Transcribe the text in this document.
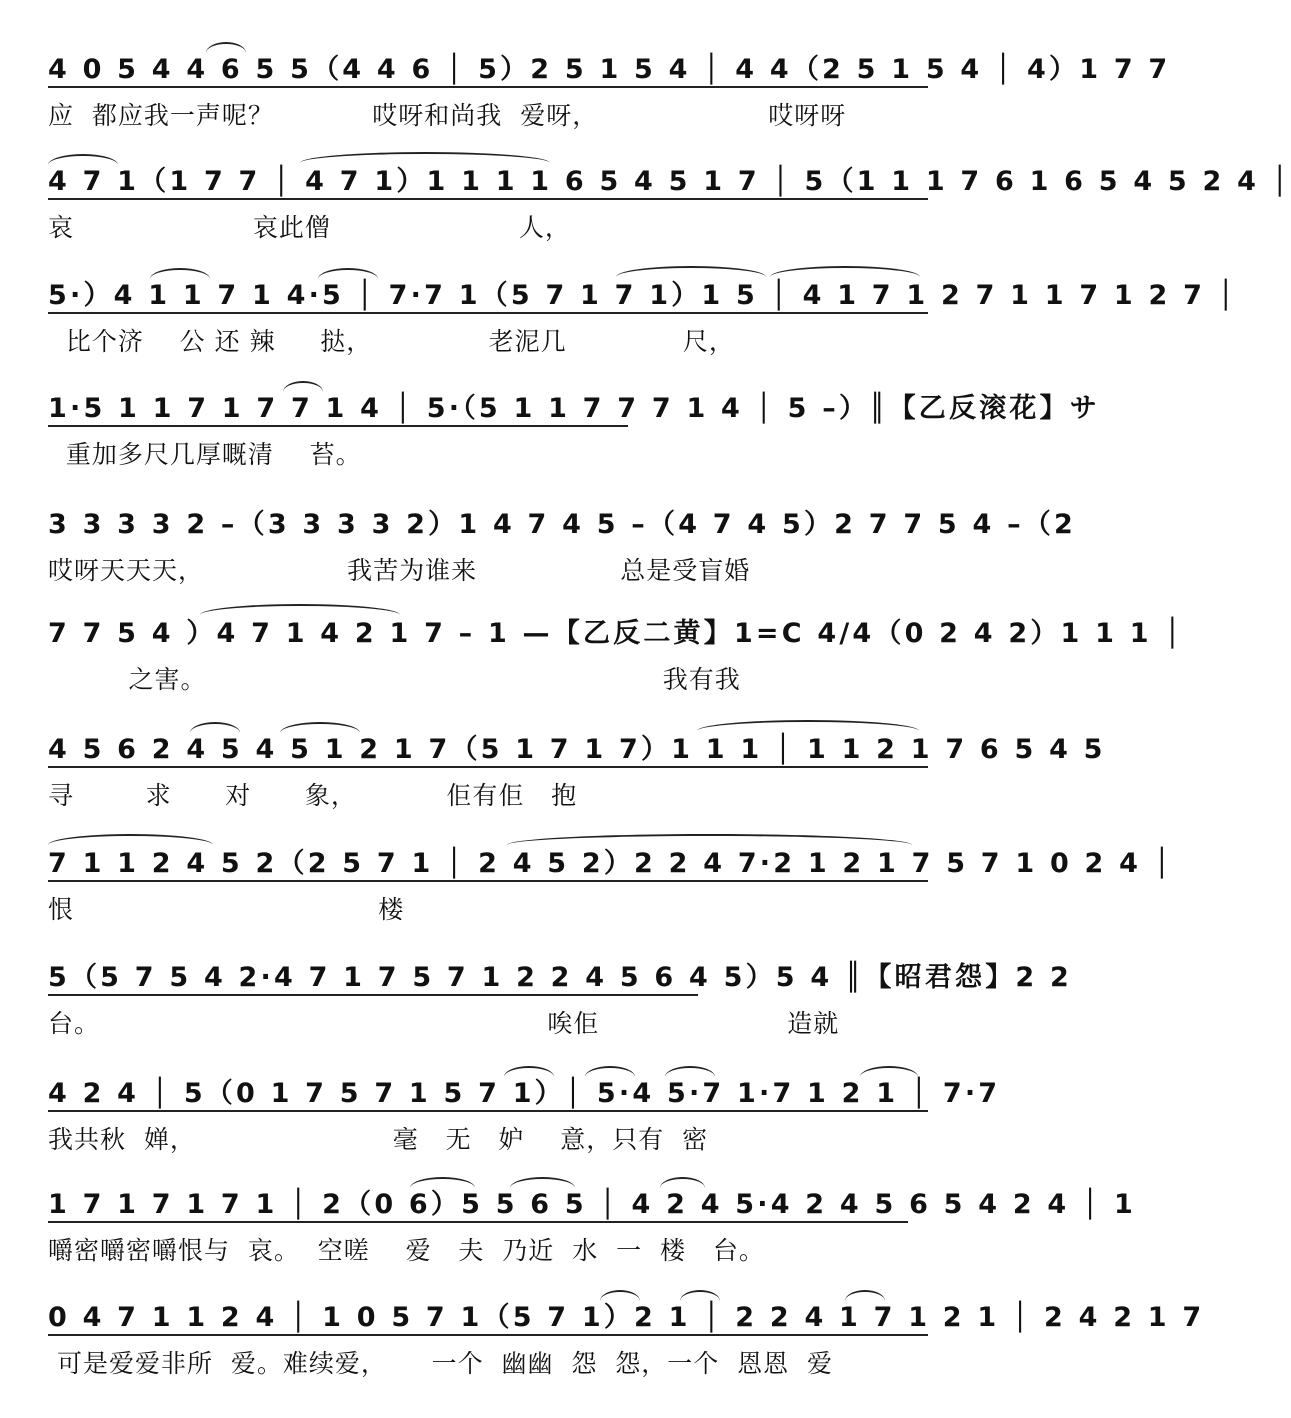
4 0 5 4 4 6 5 5（4 4 6 │ 5）2 5 1 5 4 │ 4 4（2 5 1 5 4 │ 4）1 7 7
应  都应我一声呢？           哎呀和尚我  爱呀，                   哎呀呀
4 7 1（1 7 7 │ 4 7 1）1 1 1 1 6 5 4 5 1 7 │ 5（1 1 1 7 6 1 6 5 4 5 2 4 │
哀                    哀此僧                     人，
5·）4 1 1 7 1 4·5 │ 7·7 1（5 7 1 7 1）1 5 │ 4 1 7 1 2 7 1 1 7 1 2 7 │
比个济    公 还 辣     挞，             老泥几             尺，
1·5 1 1 7 1 7 7 1 4 │ 5·（5 1 1 7 7 7 1 4 │ 5 –）║【乙反滚花】サ
重加多尺几厚嘅清    苔。
3 3 3 3 2 –（3 3 3 3 2）1 4 7 4 5 –（4 7 4 5）2 7 7 5 4 –（2
哎呀天天天，                我苦为谁来                总是受盲婚
7 7 5 4 ）4 7 1 4 2 1 7 – 1 —【乙反二黄】1=C 4/4（0 2 4 2）1 1 1 │
之害。                                                   我有我
4 5 6 2 4 5 4 5 1 2 1 7（5 1 7 1 7）1 1 1 │ 1 1 2 1 7 6 5 4 5
寻        求      对      象，          佢有佢   抱
7 1 1 2 4 5 2（2 5 7 1 │ 2 4 5 2）2 2 4 7·2 1 2 1 7 5 7 1 0 2 4 │
恨                                  楼
5（5 7 5 4 2·4 7 1 7 5 7 1 2 2 4 5 6 4 5）5 4 ║【昭君怨】2 2
台。                                                  唉佢                     造就
4 2 4 │ 5（0 1 7 5 7 1 5 7 1）│ 5·4 5·7 1·7 1 2 1 │ 7·7
我共秋  婵，                      毫   无   妒    意，只有  密
1 7 1 7 1 7 1 │ 2（0 6）5 5 6 5 │ 4 2 4 5·4 2 4 5 6 5 4 2 4 │ 1
嚼密嚼密嚼恨与  哀。  空嗟    爱   夫  乃近  水  一  楼   台。
0 4 7 1 1 2 4 │ 1 0 5 7 1（5 7 1）2 1 │ 2 2 4 1 7 1 2 1 │ 2 4 2 1 7
可是爱爱非所  爱。难续爱，     一个  幽幽  怨  怨，一个  恩恩  爱
